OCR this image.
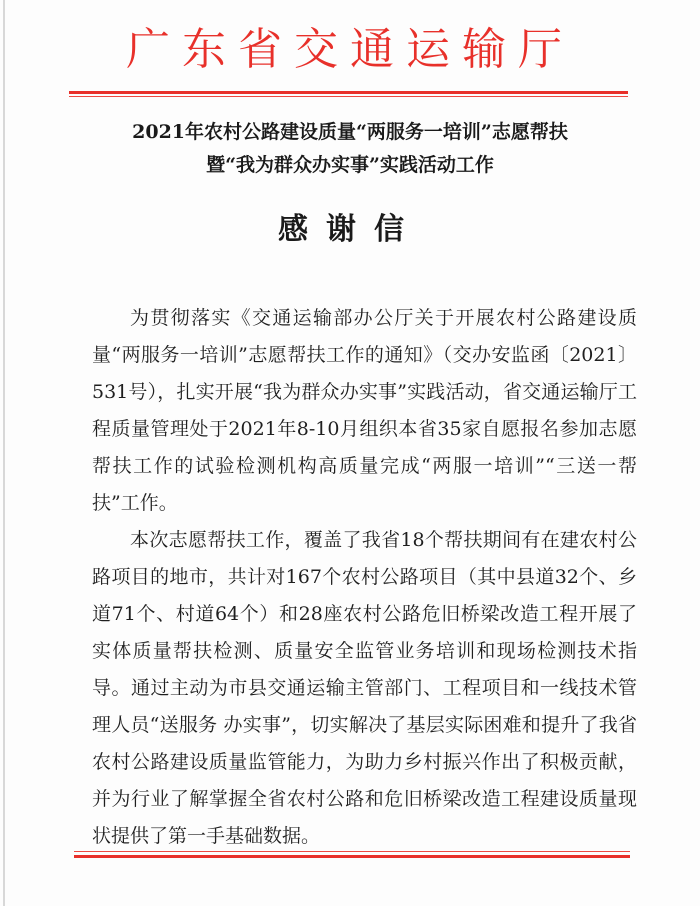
广东省交通运输厅
2021年农村公路建设质量“两服务一培训”志愿帮扶
暨“我为群众办实事”实践活动工作
感谢信

为贯彻落实《交通运输部办公厅关于开展农村公路建设质量“两服务一培训”志愿帮扶工作的通知》（交办安监函〔2021〕531号），扎实开展“我为群众办实事”实践活动，省交通运输厅工程质量管理处于2021年8-10月组织本省35家自愿报名参加志愿帮扶工作的试验检测机构高质量完成“两服一培训”“三送一帮扶”工作。

本次志愿帮扶工作，覆盖了我省18个帮扶期间有在建农村公路项目的地市，共计对167个农村公路项目（其中县道32个、乡道71个、村道64个）和28座农村公路危旧桥梁改造工程开展了实体质量帮扶检测、质量安全监管业务培训和现场检测技术指导。通过主动为市县交通运输主管部门、工程项目和一线技术管理人员“送服务 办实事”，切实解决了基层实际困难和提升了我省农村公路建设质量监管能力，为助力乡村振兴作出了积极贡献，并为行业了解掌握全省农村公路和危旧桥梁改造工程建设质量现状提供了第一手基础数据。
